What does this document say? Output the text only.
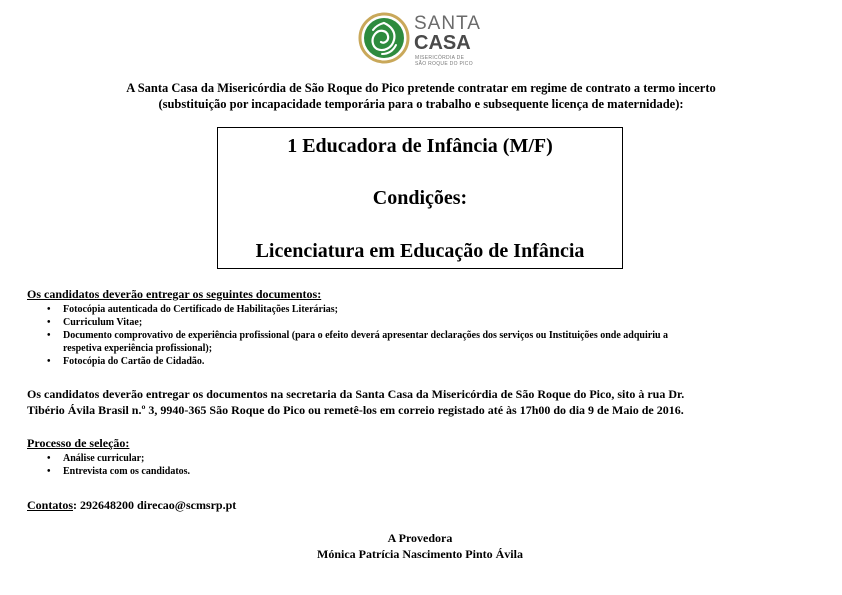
SANTA
CASA
MISERICÓRDIA DE
SÃO ROQUE DO PICO
A Santa Casa da Misericórdia de São Roque do Pico pretende contratar em regime de contrato a termo incerto
(substituição por incapacidade temporária para o trabalho e subsequente licença de maternidade):
1 Educadora de Infância (M/F)
Condições:
Licenciatura em Educação de Infância
Os candidatos deverão entregar os seguintes documentos:
• Fotocópia autenticada do Certificado de Habilitações Literárias;
• Curriculum Vitae;
• Documento comprovativo de experiência profissional (para o efeito deverá apresentar declarações dos serviços ou Instituições onde adquiriu a
respetiva experiência profissional);
• Fotocópia do Cartão de Cidadão.
Os candidatos deverão entregar os documentos na secretaria da Santa Casa da Misericórdia de São Roque do Pico, sito à rua Dr.
Tibério Ávila Brasil n.º 3, 9940-365 São Roque do Pico ou remetê-los em correio registado até às 17h00 do dia 9 de Maio de 2016.
Processo de seleção:
• Análise curricular;
• Entrevista com os candidatos.
Contatos: 292648200 direcao@scmsrp.pt
A Provedora
Mónica Patrícia Nascimento Pinto Ávila
